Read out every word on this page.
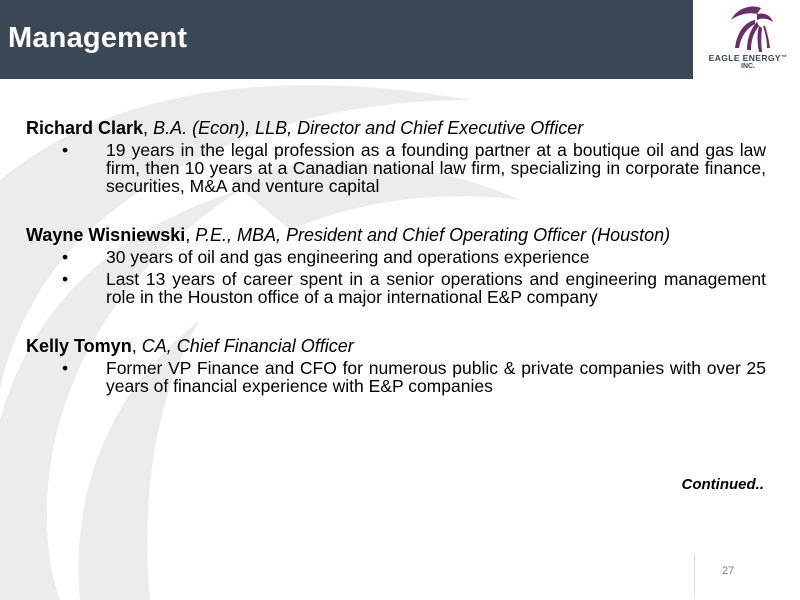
Management
EAGLE ENERGY™
INC.
Richard Clark, B.A. (Econ), LLB, Director and Chief Executive Officer
• 19 years in the legal profession as a founding partner at a boutique oil and gas law firm, then 10 years at a Canadian national law firm, specializing in corporate finance, securities, M&A and venture capital
Wayne Wisniewski, P.E., MBA, President and Chief Operating Officer (Houston)
• 30 years of oil and gas engineering and operations experience
• Last 13 years of career spent in a senior operations and engineering management role in the Houston office of a major international E&P company
Kelly Tomyn, CA, Chief Financial Officer
• Former VP Finance and CFO for numerous public & private companies with over 25 years of financial experience with E&P companies
Continued..
27
